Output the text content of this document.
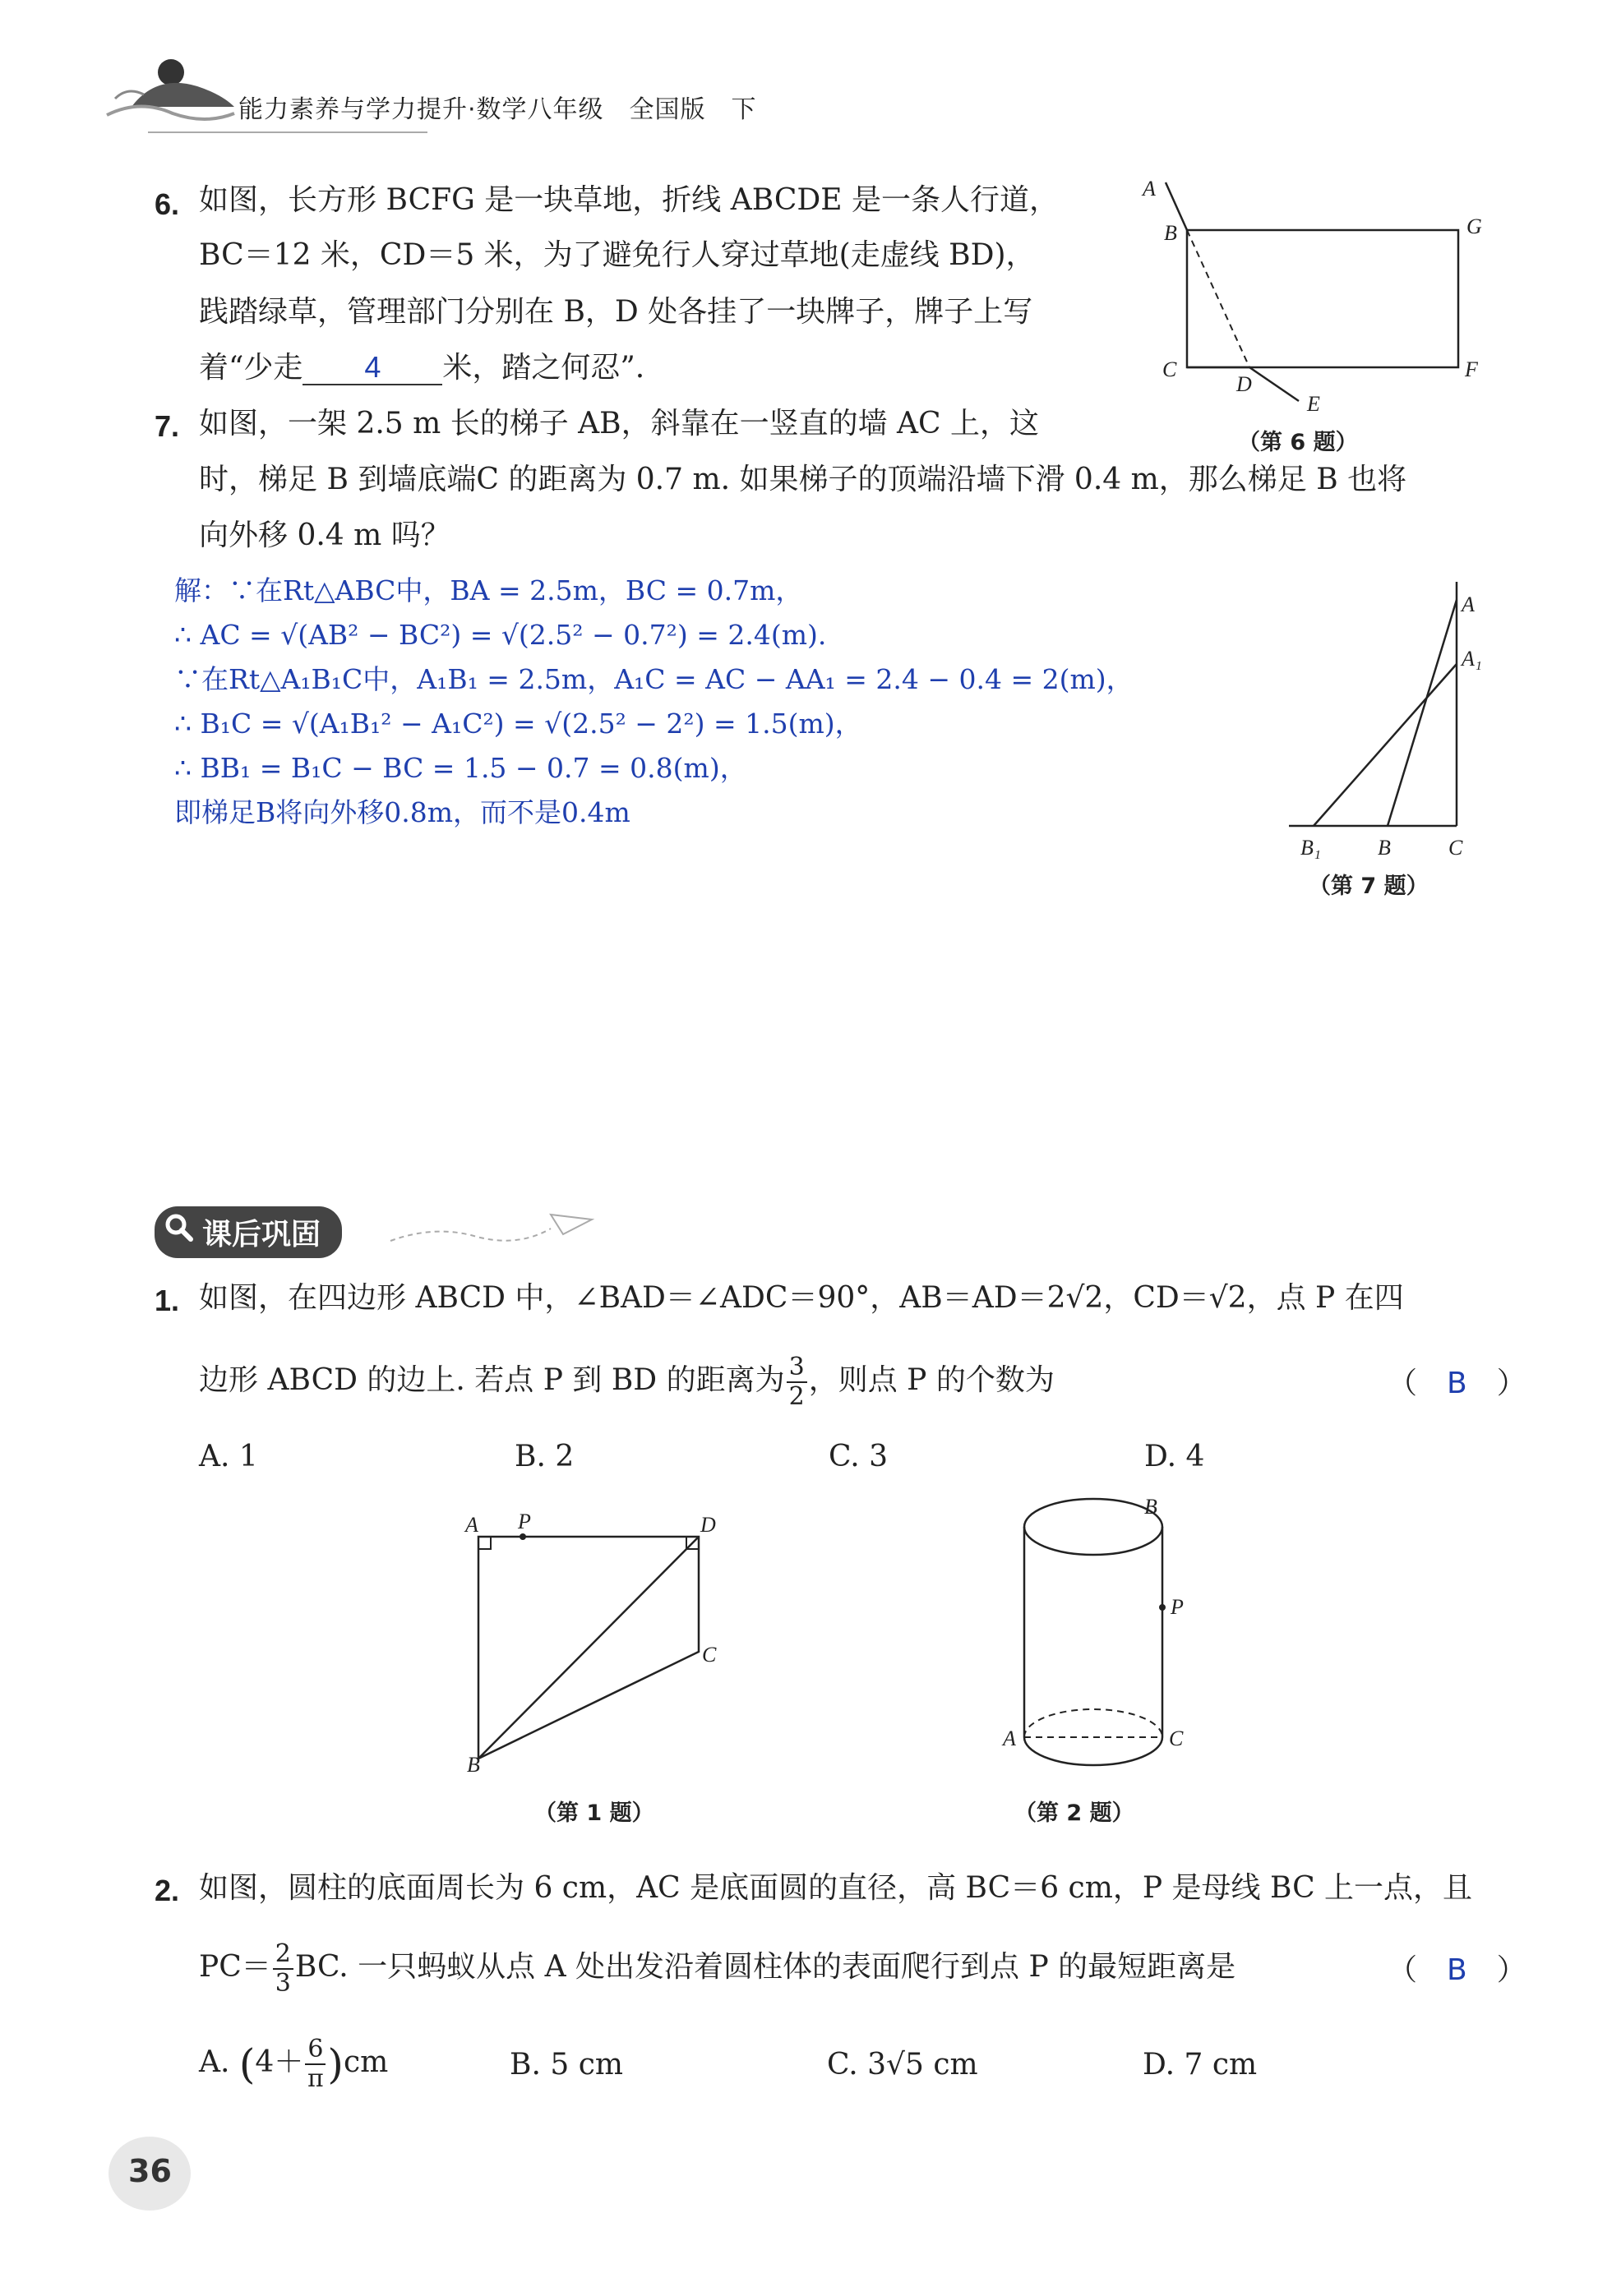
能力素养与学力提升·数学八年级　全国版　下
6. 如图，长方形 BCFG 是一块草地，折线 ABCDE 是一条人行道，
BC＝12 米，CD＝5 米，为了避免行人穿过草地(走虚线 BD)，
践踏绿草，管理部门分别在 B，D 处各挂了一块牌子，牌子上写
着“少走 4 米，踏之何忍”.
A
B	G
C
D
E
F
（第 6 题）
7. 如图，一架 2.5 m 长的梯子 AB，斜靠在一竖直的墙 AC 上，这
时，梯足 B 到墙底端C 的距离为 0.7 m. 如果梯子的顶端沿墙下滑 0.4 m，那么梯足 B 也将
向外移 0.4 m 吗？
解：∵在Rt△ABC中，BA = 2.5m，BC = 0.7m，
∴ AC = √(AB² − BC²) = √(2.5² − 0.7²) = 2.4(m).
∵在Rt△A₁B₁C中，A₁B₁ = 2.5m，A₁C = AC − AA₁ = 2.4 − 0.4 = 2(m)，
∴ B₁C = √(A₁B₁² − A₁C²) = √(2.5² − 2²) = 1.5(m)，
∴ BB₁ = B₁C − BC = 1.5 − 0.7 = 0.8(m)，
即梯足B将向外移0.8m，而不是0.4m
A
A₁
B₁	B	C
（第 7 题）
课后巩固
1. 如图，在四边形 ABCD 中，∠BAD＝∠ADC＝90°，AB＝AD＝2√2，CD＝√2，点 P 在四
边形 ABCD 的边上. 若点 P 到 BD 的距离为 $\frac{3}{2}$ ，则点 P 的个数为	（　B　）
A. 1	B. 2	C. 3	D. 4
A P	D
C
B
（第 1 题）
B
P
A	C
（第 2 题）
2. 如图，圆柱的底面周长为 6 cm，AC 是底面圆的直径，高 BC＝6 cm，P 是母线 BC 上一点，且
$PC= \frac{2}{3}$ BC. 一只蚂蚁从点 A 处出发沿着圆柱体的表面爬行到点 P 的最短距离是	（　B　）
A. $(4+ \frac{6}{\pi} )cm$	B. 5 cm	C. 3√5 cm	D. 7 cm
36
